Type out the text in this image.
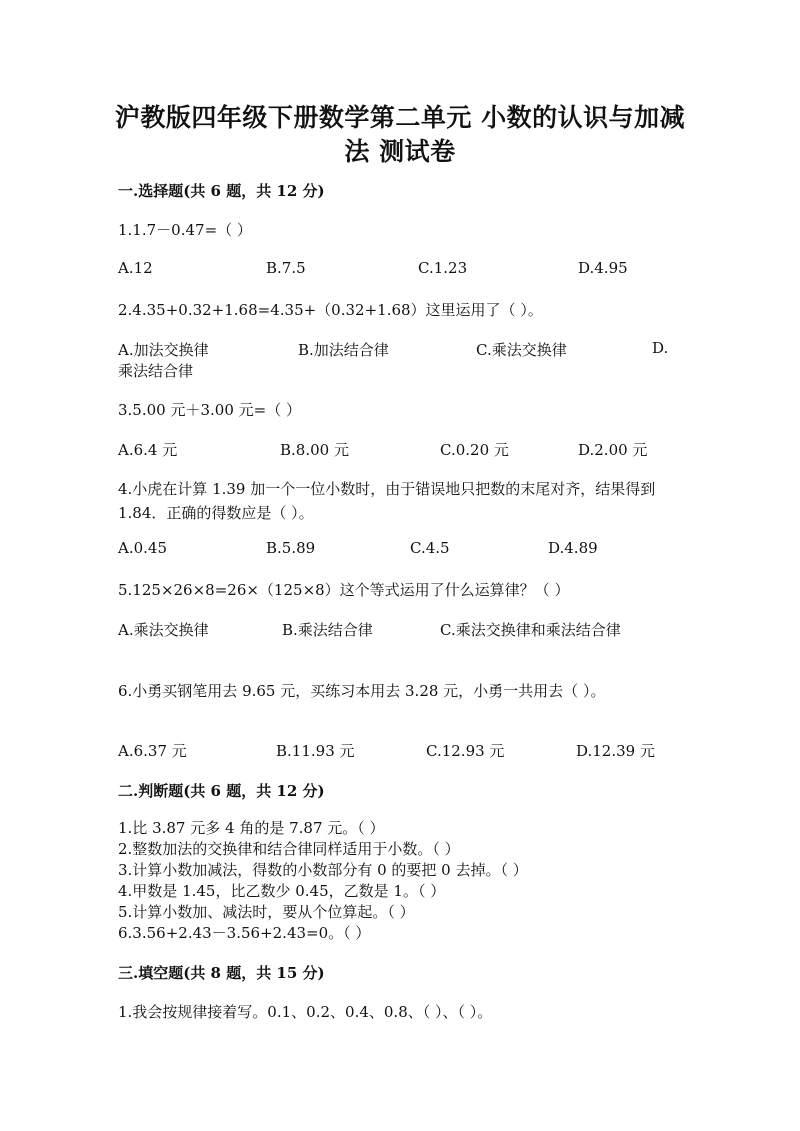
沪教版四年级下册数学第二单元 小数的认识与加减
法 测试卷
一.选择题(共 6 题，共 12 分)
1.1.7－0.47=（ ）
A.12	B.7.5	C.1.23	D.4.95
2.4.35+0.32+1.68=4.35+（0.32+1.68）这里运用了（ ）。
A.加法交换律	B.加法结合律	C.乘法交换律	D.
乘法结合律
3.5.00 元＋3.00 元=（ ）
A.6.4 元	B.8.00 元	C.0.20 元	D.2.00 元
4.小虎在计算 1.39 加一个一位小数时，由于错误地只把数的末尾对齐，结果得到 1.84．正确的得数应是（ ）。
A.0.45	B.5.89	C.4.5	D.4.89
5.125×26×8=26×（125×8）这个等式运用了什么运算律？（ ）
A.乘法交换律	B.乘法结合律	C.乘法交换律和乘法结合律
6.小勇买钢笔用去 9.65 元，买练习本用去 3.28 元，小勇一共用去（ ）。
A.6.37 元	B.11.93 元	C.12.93 元	D.12.39 元
二.判断题(共 6 题，共 12 分)
1.比 3.87 元多 4 角的是 7.87 元。（ ）
2.整数加法的交换律和结合律同样适用于小数。（ ）
3.计算小数加减法，得数的小数部分有 0 的要把 0 去掉。（ ）
4.甲数是 1.45，比乙数少 0.45，乙数是 1。（ ）
5.计算小数加、减法时，要从个位算起。（ ）
6.3.56+2.43－3.56+2.43=0。（ ）
三.填空题(共 8 题，共 15 分)
1.我会按规律接着写。0.1、0.2、0.4、0.8、（ ）、（ ）。
